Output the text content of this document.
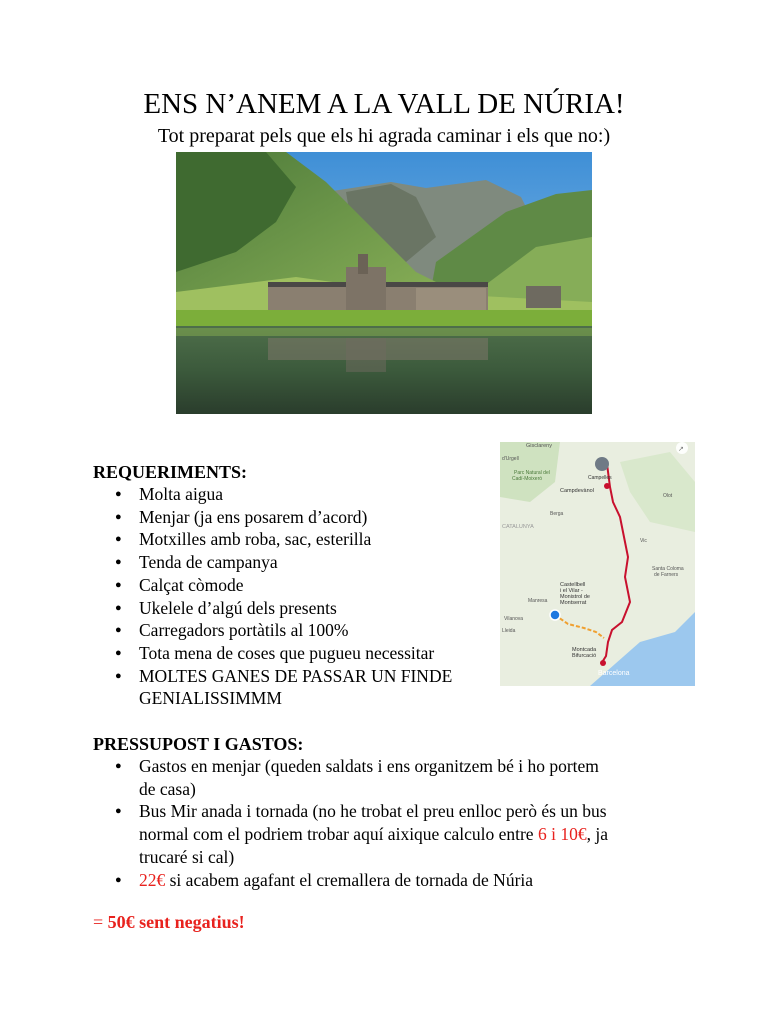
ENS N’ANEM A LA VALL DE NÚRIA!
Tot preparat pels que els hi agrada caminar i els que no:)
Gisclareny
Parc Natural del
Cadí-Moixeró
d'Urgell
Campelles
Campdevànol
Berga
Olot
CATALUNYA
Santa Coloma
de Farners
Castellbell
i el Vilar -
Monistrol de
Montserrat
Vic
Manresa
Montcada
Bifurcació
Barcelona
Vilanova
Lleida
↗
REQUERIMENTS:
● Molta aigua
● Menjar (ja ens posarem d’acord)
● Motxilles amb roba, sac, esterilla
● Tenda de campanya
● Calçat còmode
● Ukelele d’algú dels presents
● Carregadors portàtils al 100%
● Tota mena de coses que pugueu necessitar
● MOLTES GANES DE PASSAR UN FINDE
GENIALISSIMMM
PRESSUPOST I GASTOS:
● Gastos en menjar (queden saldats i ens organitzem bé i ho portem
de casa)
● Bus Mir anada i tornada (no he trobat el preu enlloc però és un bus
normal com el podriem trobar aquí aixique calculo entre 6 i 10€, ja
trucaré si cal)
● 22€ si acabem agafant el cremallera de tornada de Núria
= 50€ sent negatius!
